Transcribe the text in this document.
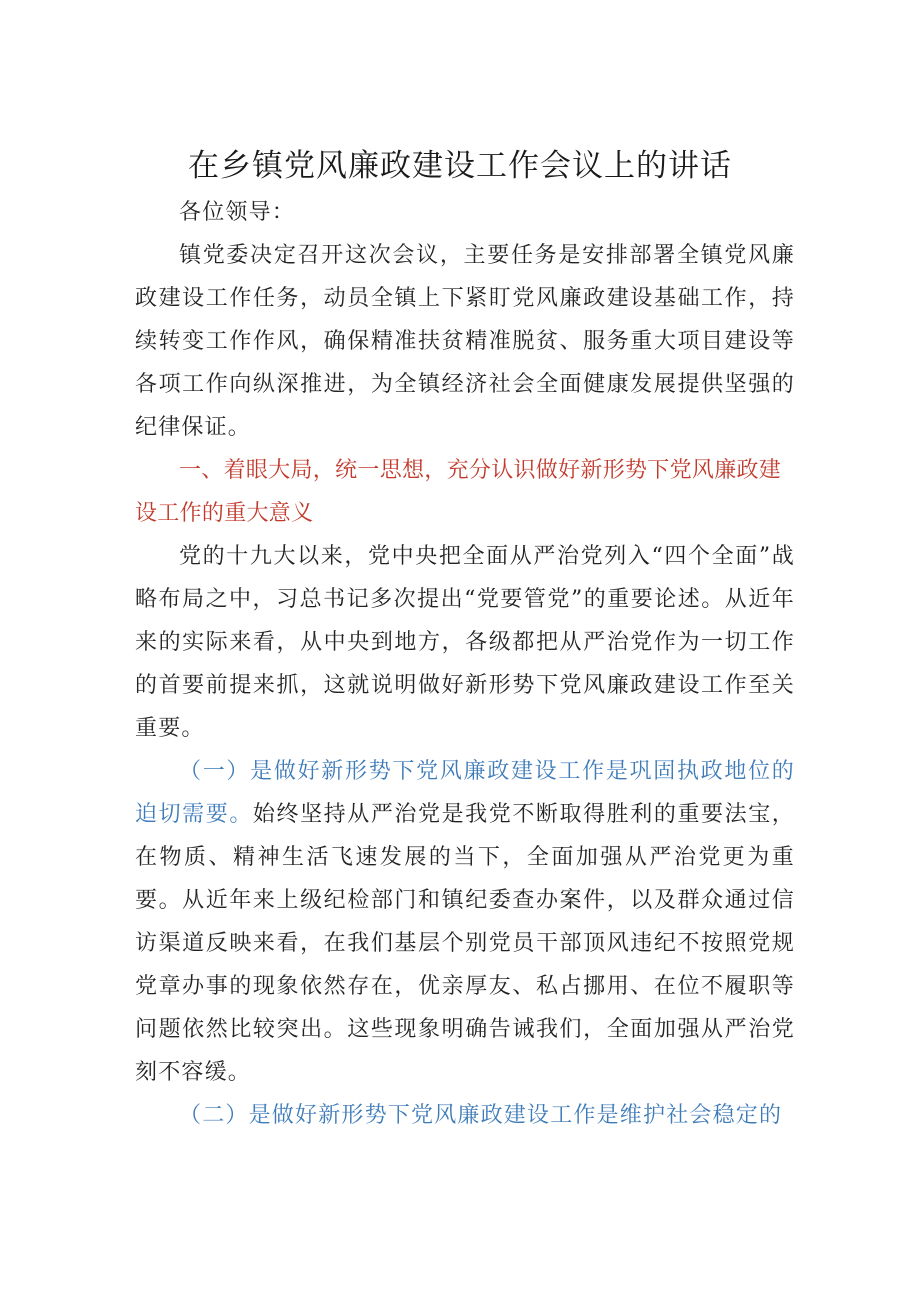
在乡镇党风廉政建设工作会议上的讲话

各位领导：

镇党委决定召开这次会议，主要任务是安排部署全镇党风廉政建设工作任务，动员全镇上下紧盯党风廉政建设基础工作，持续转变工作作风，确保精准扶贫精准脱贫、服务重大项目建设等各项工作向纵深推进，为全镇经济社会全面健康发展提供坚强的纪律保证。

一、着眼大局，统一思想，充分认识做好新形势下党风廉政建设工作的重大意义

党的十九大以来，党中央把全面从严治党列入“四个全面”战略布局之中，习总书记多次提出“党要管党”的重要论述。从近年来的实际来看，从中央到地方，各级都把从严治党作为一切工作的首要前提来抓，这就说明做好新形势下党风廉政建设工作至关重要。

（一）是做好新形势下党风廉政建设工作是巩固执政地位的迫切需要。始终坚持从严治党是我党不断取得胜利的重要法宝，在物质、精神生活飞速发展的当下，全面加强从严治党更为重要。从近年来上级纪检部门和镇纪委查办案件，以及群众通过信访渠道反映来看，在我们基层个别党员干部顶风违纪不按照党规党章办事的现象依然存在，优亲厚友、私占挪用、在位不履职等问题依然比较突出。这些现象明确告诫我们，全面加强从严治党刻不容缓。

（二）是做好新形势下党风廉政建设工作是维护社会稳定的
